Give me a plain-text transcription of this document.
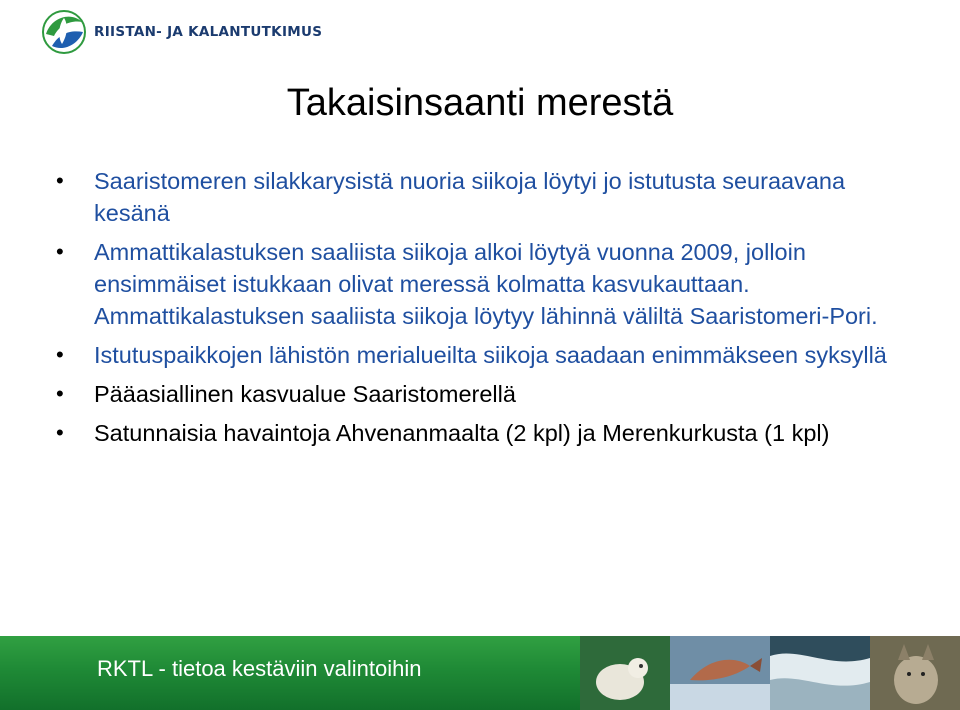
RIISTAN- JA KALANTUTKIMUS
Takaisinsaanti merestä
• Saaristomeren silakkarysistä nuoria siikoja löytyi jo istutusta seuraavana kesänä
• Ammattikalastuksen saaliista siikoja alkoi löytyä vuonna 2009, jolloin ensimmäiset istukkaan olivat meressä kolmatta kasvukauttaan. Ammattikalastuksen saaliista siikoja löytyy lähinnä väliltä Saaristomeri-Pori.
• Istutuspaikkojen lähistön merialueilta siikoja saadaan enimmäkseen syksyllä
• Pääasiallinen kasvualue Saaristomerellä
• Satunnaisia havaintoja Ahvenanmaalta (2 kpl) ja Merenkurkusta (1 kpl)
RKTL - tietoa kestäviin valintoihin
